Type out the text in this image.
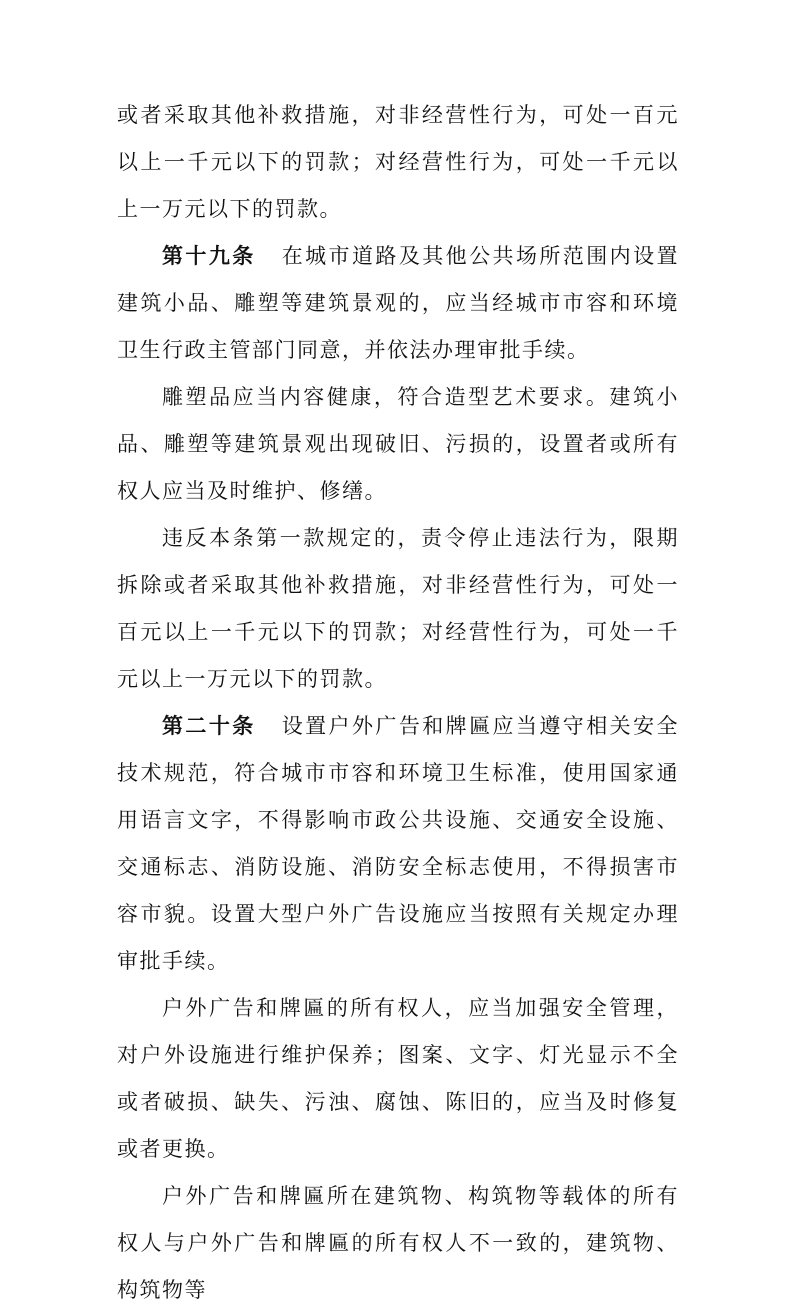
或者采取其他补救措施，对非经营性行为，可处一百元以上一千元以下的罚款；对经营性行为，可处一千元以上一万元以下的罚款。

第十九条 在城市道路及其他公共场所范围内设置建筑小品、雕塑等建筑景观的，应当经城市市容和环境卫生行政主管部门同意，并依法办理审批手续。

雕塑品应当内容健康，符合造型艺术要求。建筑小品、雕塑等建筑景观出现破旧、污损的，设置者或所有权人应当及时维护、修缮。

违反本条第一款规定的，责令停止违法行为，限期拆除或者采取其他补救措施，对非经营性行为，可处一百元以上一千元以下的罚款；对经营性行为，可处一千元以上一万元以下的罚款。

第二十条 设置户外广告和牌匾应当遵守相关安全技术规范，符合城市市容和环境卫生标准，使用国家通用语言文字，不得影响市政公共设施、交通安全设施、交通标志、消防设施、消防安全标志使用，不得损害市容市貌。设置大型户外广告设施应当按照有关规定办理审批手续。

户外广告和牌匾的所有权人，应当加强安全管理，对户外设施进行维护保养；图案、文字、灯光显示不全或者破损、缺失、污浊、腐蚀、陈旧的，应当及时修复或者更换。

户外广告和牌匾所在建筑物、构筑物等载体的所有权人与户外广告和牌匾的所有权人不一致的，建筑物、构筑物等
